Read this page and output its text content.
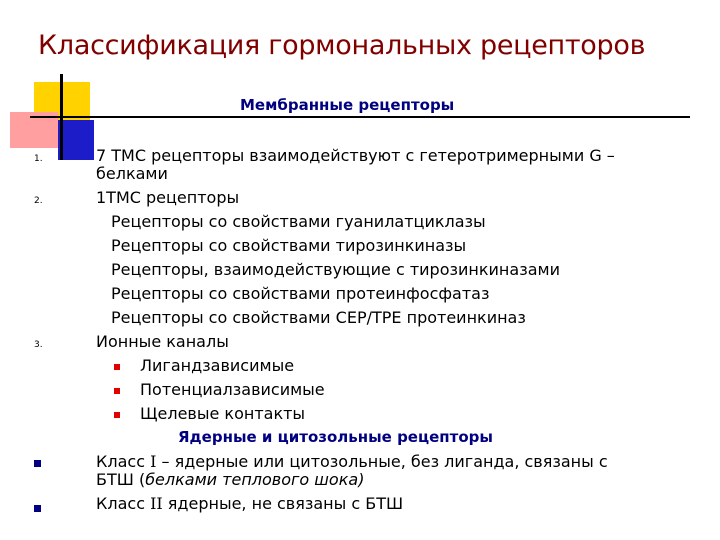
Классификация гормональных рецепторов
Мембранные рецепторы
1.
2.
3.
7 ТМС рецепторы взаимодействуют с гетеротримерными G –
белками
1ТМС рецепторы
Рецепторы со свойствами гуанилатциклазы
Рецепторы со свойствами тирозинкиназы
Рецепторы, взаимодействующие с тирозинкиназами
Рецепторы со свойствами протеинфосфатаз
Рецепторы со свойствами СЕР/ТРЕ протеинкиназ
Ионные каналы
Лигандзависимые
Потенциалзависимые
Щелевые контакты
Ядерные и цитозольные рецепторы
Класс I – ядерные или цитозольные, без лиганда, связаны с
БТШ (белками теплового шока)
Класс II ядерные, не связаны с БТШ
